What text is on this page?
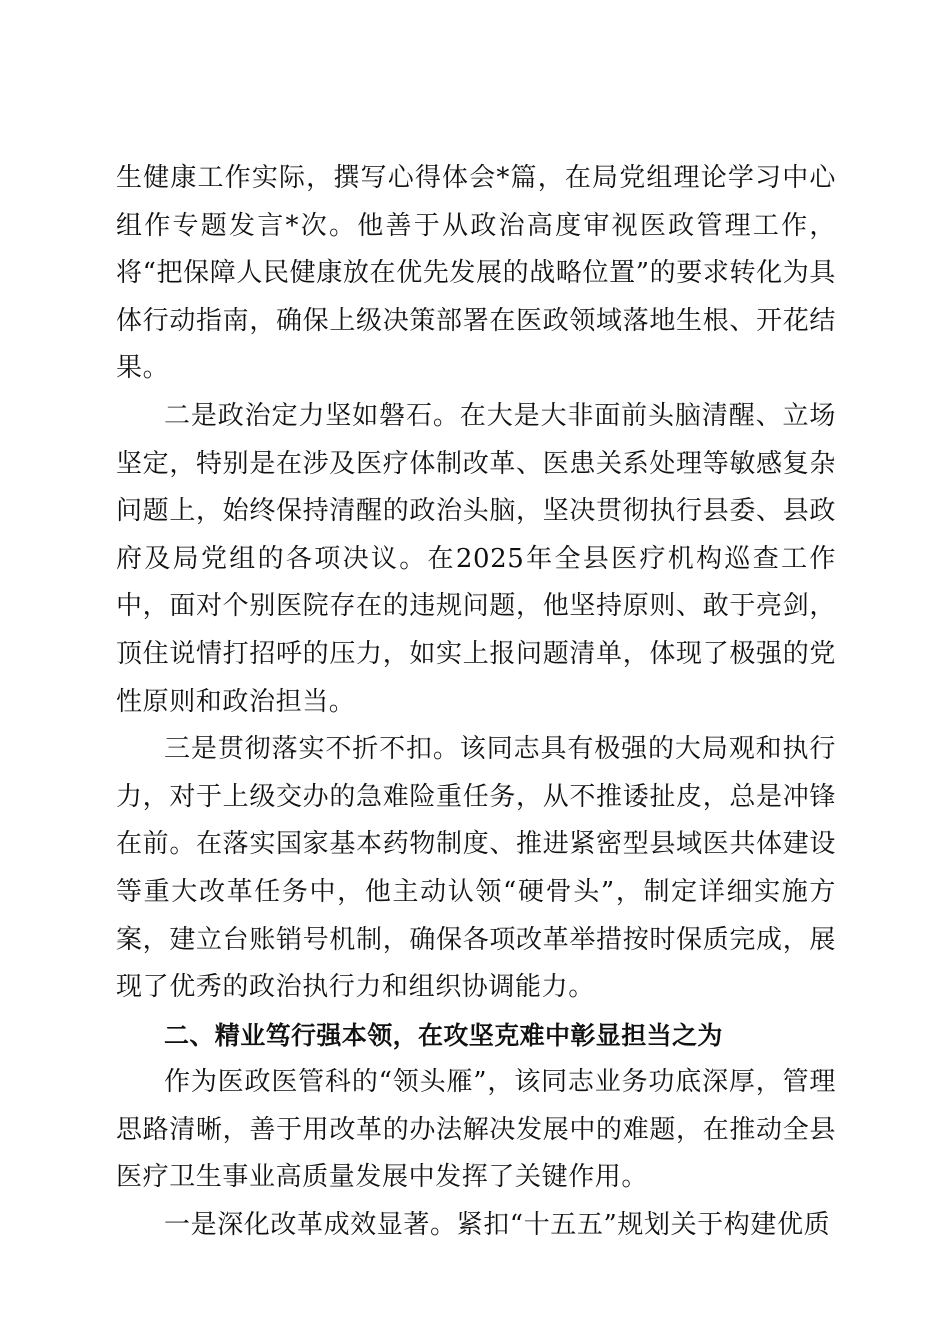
生健康工作实际，撰写心得体会*篇，在局党组理论学习中心组作专题发言*次。他善于从政治高度审视医政管理工作，将“把保障人民健康放在优先发展的战略位置”的要求转化为具体行动指南，确保上级决策部署在医政领域落地生根、开花结果。

二是政治定力坚如磐石。在大是大非面前头脑清醒、立场坚定，特别是在涉及医疗体制改革、医患关系处理等敏感复杂问题上，始终保持清醒的政治头脑，坚决贯彻执行县委、县政府及局党组的各项决议。在2025年全县医疗机构巡查工作中，面对个别医院存在的违规问题，他坚持原则、敢于亮剑，顶住说情打招呼的压力，如实上报问题清单，体现了极强的党性原则和政治担当。

三是贯彻落实不折不扣。该同志具有极强的大局观和执行力，对于上级交办的急难险重任务，从不推诿扯皮，总是冲锋在前。在落实国家基本药物制度、推进紧密型县域医共体建设等重大改革任务中，他主动认领“硬骨头”，制定详细实施方案，建立台账销号机制，确保各项改革举措按时保质完成，展现了优秀的政治执行力和组织协调能力。

二、精业笃行强本领，在攻坚克难中彰显担当之为

作为医政医管科的“领头雁”，该同志业务功底深厚，管理思路清晰，善于用改革的办法解决发展中的难题，在推动全县医疗卫生事业高质量发展中发挥了关键作用。

一是深化改革成效显著。紧扣“十五五”规划关于构建优质
